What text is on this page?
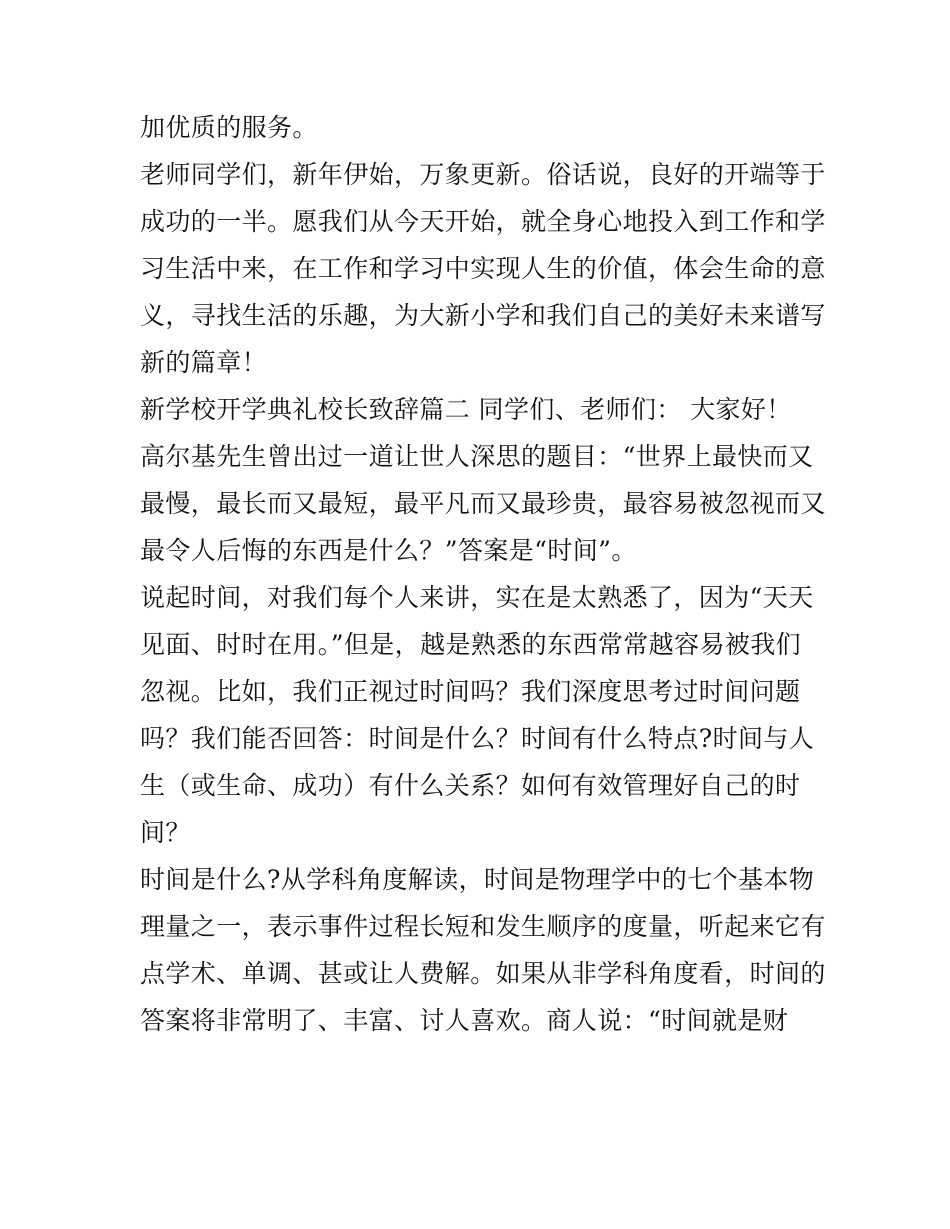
加优质的服务。
老师同学们，新年伊始，万象更新。俗话说，良好的开端等于
成功的一半。愿我们从今天开始，就全身心地投入到工作和学
习生活中来，在工作和学习中实现人生的价值，体会生命的意
义，寻找生活的乐趣，为大新小学和我们自己的美好未来谱写
新的篇章！
新学校开学典礼校长致辞篇二 同学们、老师们： 大家好！
高尔基先生曾出过一道让世人深思的题目：“世界上最快而又
最慢，最长而又最短，最平凡而又最珍贵，最容易被忽视而又
最令人后悔的东西是什么？”答案是“时间”。
说起时间，对我们每个人来讲，实在是太熟悉了，因为“天天
见面、时时在用。”但是，越是熟悉的东西常常越容易被我们
忽视。比如，我们正视过时间吗？我们深度思考过时间问题
吗？我们能否回答：时间是什么？时间有什么特点?时间与人
生（或生命、成功）有什么关系？如何有效管理好自己的时
间？
时间是什么?从学科角度解读，时间是物理学中的七个基本物
理量之一，表示事件过程长短和发生顺序的度量，听起来它有
点学术、单调、甚或让人费解。如果从非学科角度看，时间的
答案将非常明了、丰富、讨人喜欢。商人说：“时间就是财
